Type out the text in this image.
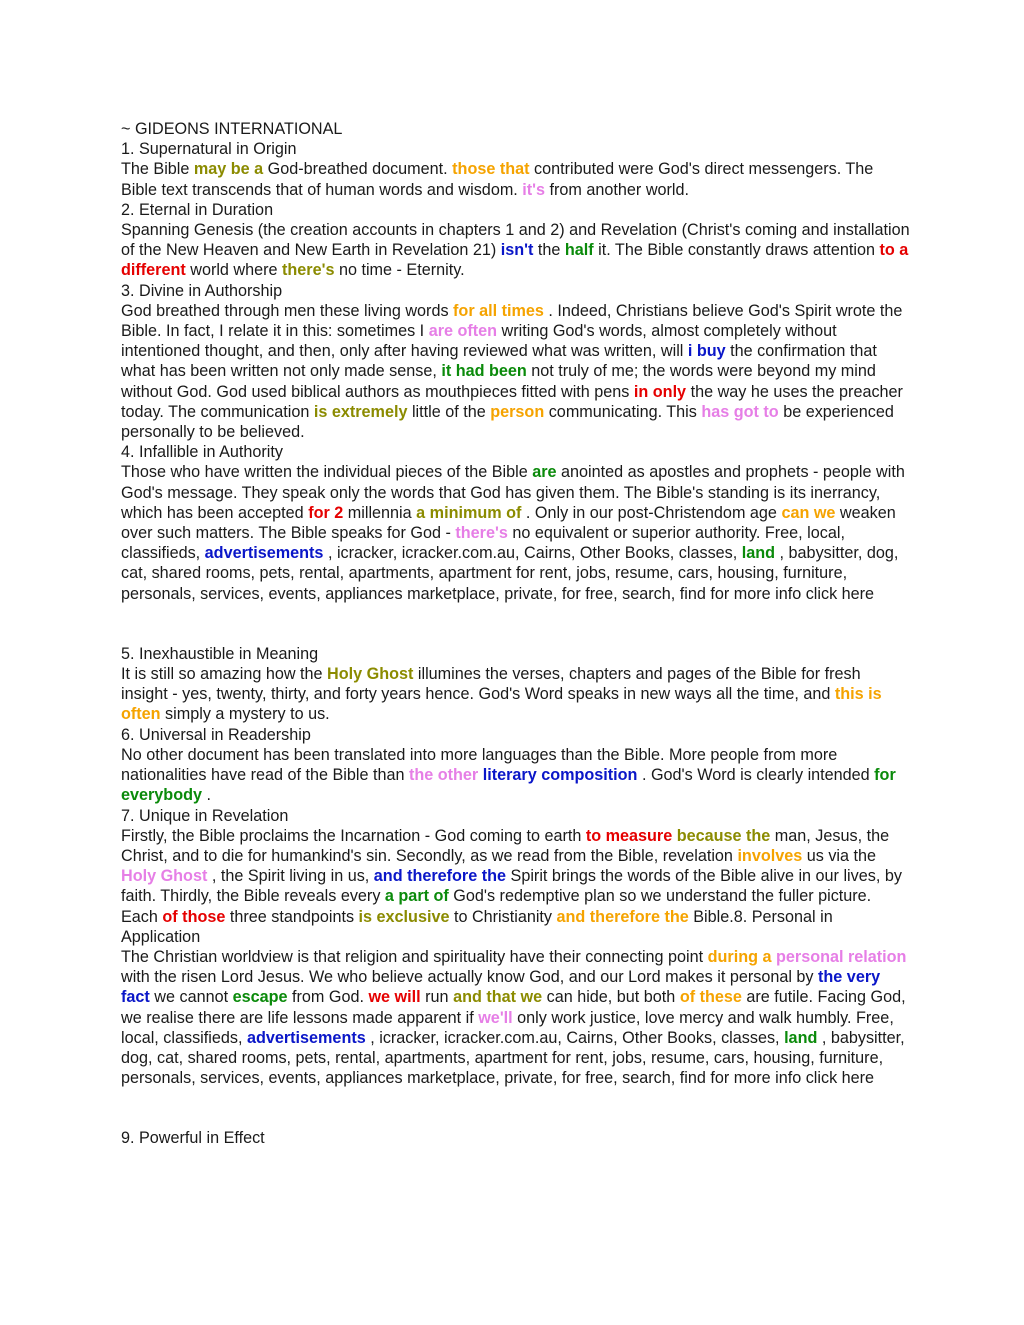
~ GIDEONS INTERNATIONAL

1. Supernatural in Origin

The Bible may be a God-breathed document. those that contributed were God's direct messengers. The Bible text transcends that of human words and wisdom. it's from another world.

2. Eternal in Duration

Spanning Genesis (the creation accounts in chapters 1 and 2) and Revelation (Christ's coming and installation of the New Heaven and New Earth in Revelation 21) isn't the half it. The Bible constantly draws attention to a different world where there's no time - Eternity.

3. Divine in Authorship

God breathed through men these living words for all times . Indeed, Christians believe God's Spirit wrote the Bible. In fact, I relate it in this: sometimes I are often writing God's words, almost completely without intentioned thought, and then, only after having reviewed what was written, will i buy the confirmation that what has been written not only made sense, it had been not truly of me; the words were beyond my mind without God. God used biblical authors as mouthpieces fitted with pens in only the way he uses the preacher today. The communication is extremely little of the person communicating. This has got to be experienced personally to be believed.

4. Infallible in Authority

Those who have written the individual pieces of the Bible are anointed as apostles and prophets - people with God's message. They speak only the words that God has given them. The Bible's standing is its inerrancy, which has been accepted for 2 millennia a minimum of . Only in our post-Christendom age can we weaken over such matters. The Bible speaks for God - there's no equivalent or superior authority. Free, local, classifieds, advertisements , icracker, icracker.com.au, Cairns, Other Books, classes, land , babysitter, dog, cat, shared rooms, pets, rental, apartments, apartment for rent, jobs, resume, cars, housing, furniture, personals, services, events, appliances marketplace, private, for free, search, find for more info click here

5. Inexhaustible in Meaning

It is still so amazing how the Holy Ghost illumines the verses, chapters and pages of the Bible for fresh insight - yes, twenty, thirty, and forty years hence. God's Word speaks in new ways all the time, and this is often simply a mystery to us.

6. Universal in Readership

No other document has been translated into more languages than the Bible. More people from more nationalities have read of the Bible than the other literary composition . God's Word is clearly intended for everybody .

7. Unique in Revelation

Firstly, the Bible proclaims the Incarnation - God coming to earth to measure because the man, Jesus, the Christ, and to die for humankind's sin. Secondly, as we read from the Bible, revelation involves us via the Holy Ghost , the Spirit living in us, and therefore the Spirit brings the words of the Bible alive in our lives, by faith. Thirdly, the Bible reveals every a part of God's redemptive plan so we understand the fuller picture. Each of those three standpoints is exclusive to Christianity and therefore the Bible.8. Personal in Application

The Christian worldview is that religion and spirituality have their connecting point during a personal relation with the risen Lord Jesus. We who believe actually know God, and our Lord makes it personal by the very fact we cannot escape from God. we will run and that we can hide, but both of these are futile. Facing God, we realise there are life lessons made apparent if we'll only work justice, love mercy and walk humbly. Free, local, classifieds, advertisements , icracker, icracker.com.au, Cairns, Other Books, classes, land , babysitter, dog, cat, shared rooms, pets, rental, apartments, apartment for rent, jobs, resume, cars, housing, furniture, personals, services, events, appliances marketplace, private, for free, search, find for more info click here

9. Powerful in Effect
